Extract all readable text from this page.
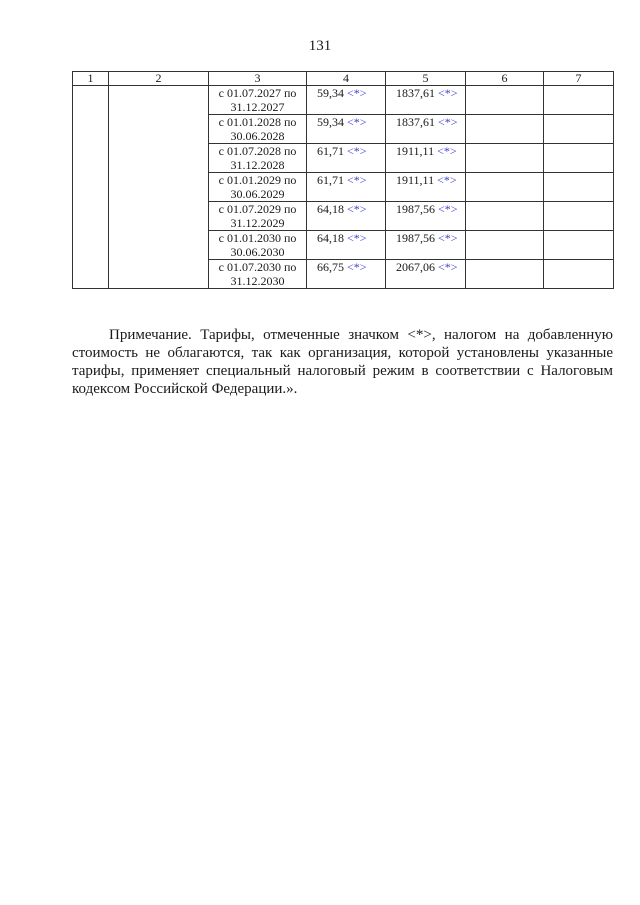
131
1	2	3	4	5	6	7

		с 01.07.2027 по
31.12.2027	59,34 <*>	1837,61 <*>		

		с 01.01.2028 по
30.06.2028	59,34 <*>	1837,61 <*>		

		с 01.07.2028 по
31.12.2028	61,71 <*>	1911,11 <*>		

		с 01.01.2029 по
30.06.2029	61,71 <*>	1911,11 <*>		

		с 01.07.2029 по
31.12.2029	64,18 <*>	1987,56 <*>		

		с 01.01.2030 по
30.06.2030	64,18 <*>	1987,56 <*>		

		с 01.07.2030 по
31.12.2030	66,75 <*>	2067,06 <*>		

Примечание. Тарифы, отмеченные значком <*>, налогом на добавленную стоимость не облагаются, так как организация, которой установлены указанные тарифы, применяет специальный налоговый режим в соответствии с Налоговым кодексом Российской Федерации.».
